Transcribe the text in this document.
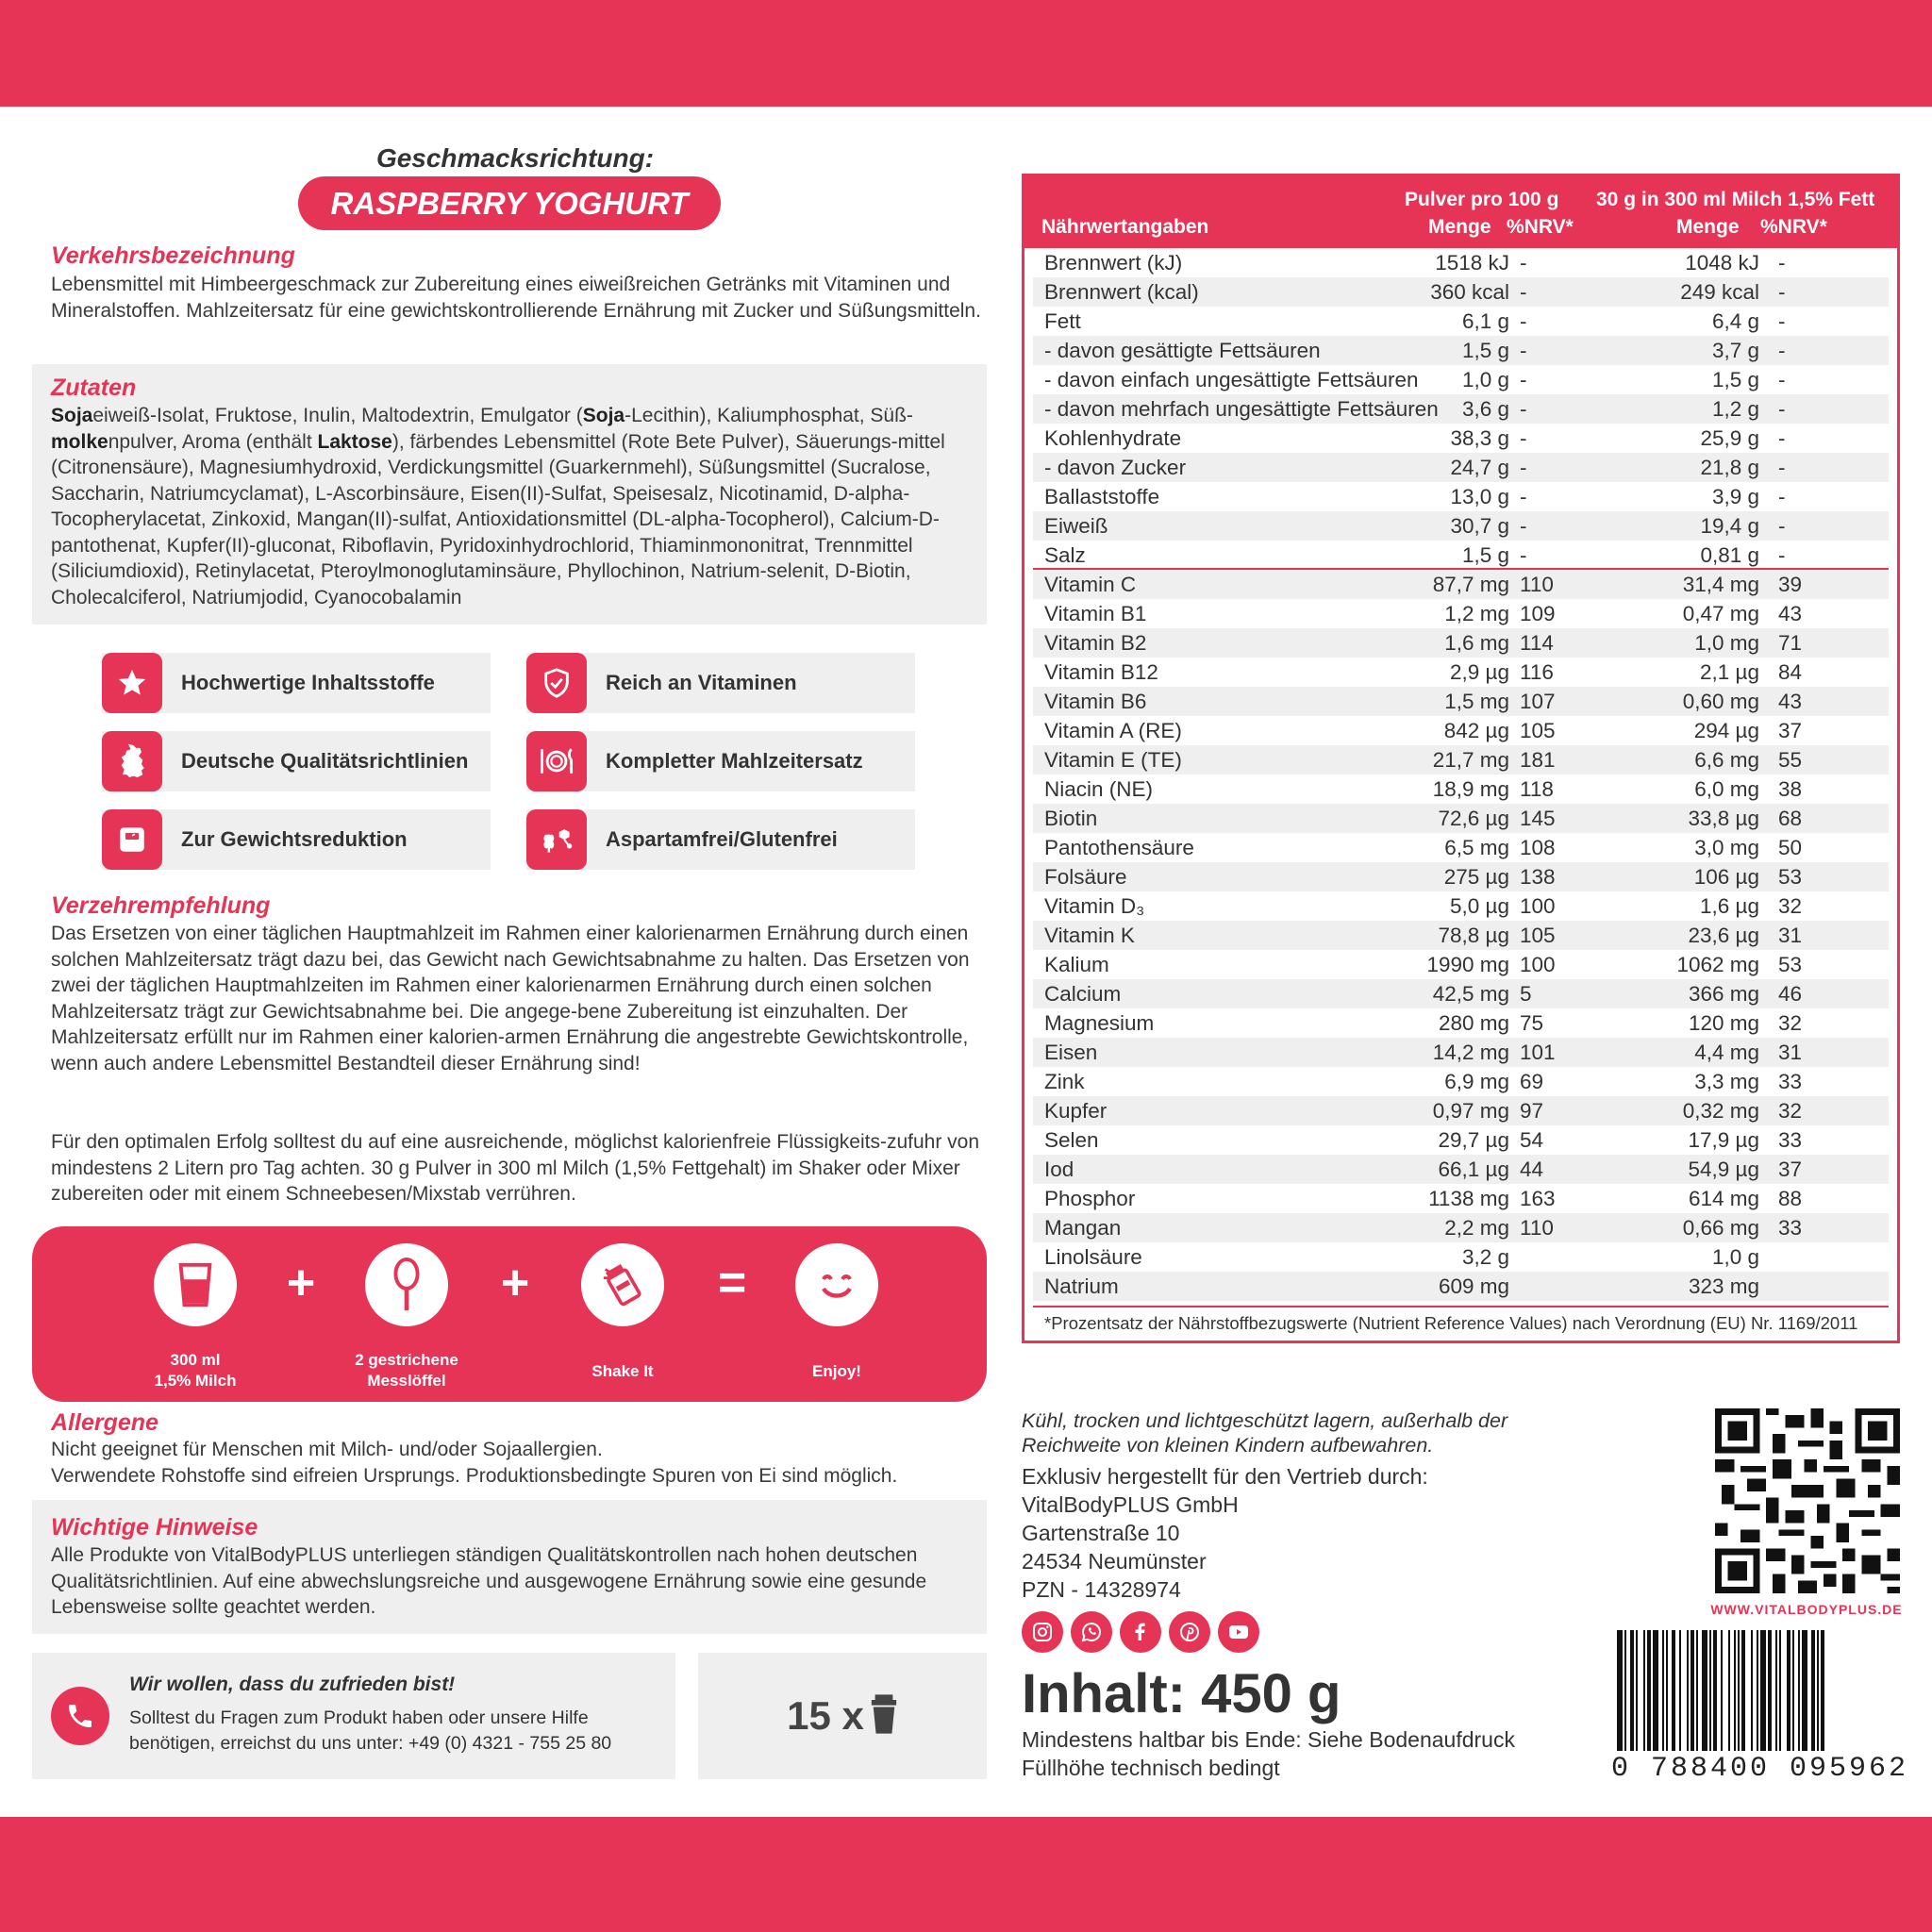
Geschmacksrichtung:
RASPBERRY YOGHURT
Verkehrsbezeichnung
Lebensmittel mit Himbeergeschmack zur Zubereitung eines eiweißreichen Getränks mit Vitaminen und Mineralstoffen. Mahlzeitersatz für eine gewichtskontrollierende Ernährung mit Zucker und Süßungsmitteln.
Zutaten
Sojaeiweiß-Isolat, Fruktose, Inulin, Maltodextrin, Emulgator (Soja-Lecithin), Kaliumphosphat, Süß- molkenpulver, Aroma (enthält Laktose), färbendes Lebensmittel (Rote Bete Pulver), Säuerungs-mittel (Citronensäure), Magnesiumhydroxid, Verdickungsmittel (Guarkernmehl), Süßungsmittel (Sucralose, Saccharin, Natriumcyclamat), L-Ascorbinsäure, Eisen(II)-Sulfat, Speisesalz, Nicotinamid, D-alpha-Tocopherylacetat, Zinkoxid, Mangan(II)-sulfat, Antioxidationsmittel (DL-alpha-Tocopherol), Calcium-D-pantothenat, Kupfer(II)-gluconat, Riboflavin, Pyridoxinhydrochlorid, Thiaminmononitrat, Trennmittel (Siliciumdioxid), Retinylacetat, Pteroylmonoglutaminsäure, Phyllochinon, Natrium-selenit, D-Biotin, Cholecalciferol, Natriumjodid, Cyanocobalamin
Hochwertige Inhaltsstoffe	Reich an Vitaminen
Deutsche Qualitätsrichtlinien	Kompletter Mahlzeitersatz
Zur Gewichtsreduktion	Aspartamfrei/Glutenfrei
Verzehrempfehlung
Das Ersetzen von einer täglichen Hauptmahlzeit im Rahmen einer kalorienarmen Ernährung durch einen solchen Mahlzeitersatz trägt dazu bei, das Gewicht nach Gewichtsabnahme zu halten. Das Ersetzen von zwei der täglichen Hauptmahlzeiten im Rahmen einer kalorienarmen Ernährung durch einen solchen Mahlzeitersatz trägt zur Gewichtsabnahme bei. Die angege-bene Zubereitung ist einzuhalten. Der Mahlzeitersatz erfüllt nur im Rahmen einer kalorien-armen Ernährung die angestrebte Gewichtskontrolle, wenn auch andere Lebensmittel Bestandteil dieser Ernährung sind!
Für den optimalen Erfolg solltest du auf eine ausreichende, möglichst kalorienfreie Flüssigkeits-zufuhr von mindestens 2 Litern pro Tag achten. 30 g Pulver in 300 ml Milch (1,5% Fettgehalt) im Shaker oder Mixer zubereiten oder mit einem Schneebesen/Mixstab verrühren.
+	+	=
300 ml
1,5% Milch
2 gestrichene
Messlöffel
Shake It	Enjoy!
Allergene
Nicht geeignet für Menschen mit Milch- und/oder Sojaallergien.
Verwendete Rohstoffe sind eifreien Ursprungs. Produktionsbedingte Spuren von Ei sind möglich.
Wichtige Hinweise
Alle Produkte von VitalBodyPLUS unterliegen ständigen Qualitätskontrollen nach hohen deutschen Qualitätsrichtlinien. Auf eine abwechslungsreiche und ausgewogene Ernährung sowie eine gesunde Lebensweise sollte geachtet werden.
Wir wollen, dass du zufrieden bist!
Solltest du Fragen zum Produkt haben oder unsere Hilfe benötigen, erreichst du uns unter: +49 (0) 4321 - 755 25 80
15 x
Nährwertangaben
Pulver pro 100 g
Menge %NRV*
30 g in 300 ml Milch 1,5% Fett
Menge %NRV*
Brennwert (kJ)	1518 kJ -	1048 kJ -
Brennwert (kcal)	360 kcal -	249 kcal -
Fett	6,1 g -	6,4 g -
- davon gesättigte Fettsäuren	1,5 g -	3,7 g -
- davon einfach ungesättigte Fettsäuren 1,0 g -	1,5 g -
- davon mehrfach ungesättigte Fettsäuren 3,6 g -	1,2 g -
Kohlenhydrate	38,3 g -	25,9 g -
- davon Zucker	24,7 g -	21,8 g -
Ballaststoffe	13,0 g -	3,9 g -
Eiweiß	30,7 g -	19,4 g -
Salz	1,5 g -	0,81 g -
Vitamin C	87,7 mg 110	31,4 mg 39
Vitamin B1	1,2 mg 109	0,47 mg 43
Vitamin B2	1,6 mg 114	1,0 mg 71
Vitamin B12	2,9 µg 116	2,1 µg 84
Vitamin B6	1,5 mg 107	0,60 mg 43
Vitamin A (RE)	842 µg 105	294 µg 37
Vitamin E (TE)	21,7 mg 181	6,6 mg 55
Niacin (NE)	18,9 mg 118	6,0 mg 38
Biotin	72,6 µg 145	33,8 µg 68
Pantothensäure	6,5 mg 108	3,0 mg 50
Folsäure	275 µg 138	106 µg 53
Vitamin D₃	5,0 µg 100	1,6 µg 32
Vitamin K	78,8 µg 105	23,6 µg 31
Kalium	1990 mg 100	1062 mg 53
Calcium	42,5 mg 5	366 mg 46
Magnesium	280 mg 75	120 mg 32
Eisen	14,2 mg 101	4,4 mg 31
Zink	6,9 mg 69	3,3 mg 33
Kupfer	0,97 mg 97	0,32 mg 32
Selen	29,7 µg 54	17,9 µg 33
Iod	66,1 µg 44	54,9 µg 37
Phosphor	1138 mg 163	614 mg 88
Mangan	2,2 mg 110	0,66 mg 33
Linolsäure	3,2 g	1,0 g
Natrium	609 mg	323 mg
*Prozentsatz der Nährstoffbezugswerte (Nutrient Reference Values) nach Verordnung (EU) Nr. 1169/2011
Kühl, trocken und lichtgeschützt lagern, außerhalb der Reichweite von kleinen Kindern aufbewahren.
Exklusiv hergestellt für den Vertrieb durch:
VitalBodyPLUS GmbH
Gartenstraße 10
24534 Neumünster
PZN - 14328974
Inhalt: 450 g
Mindestens haltbar bis Ende: Siehe Bodenaufdruck
Füllhöhe technisch bedingt
WWW.VITALBODYPLUS.DE
0 788400 095962
